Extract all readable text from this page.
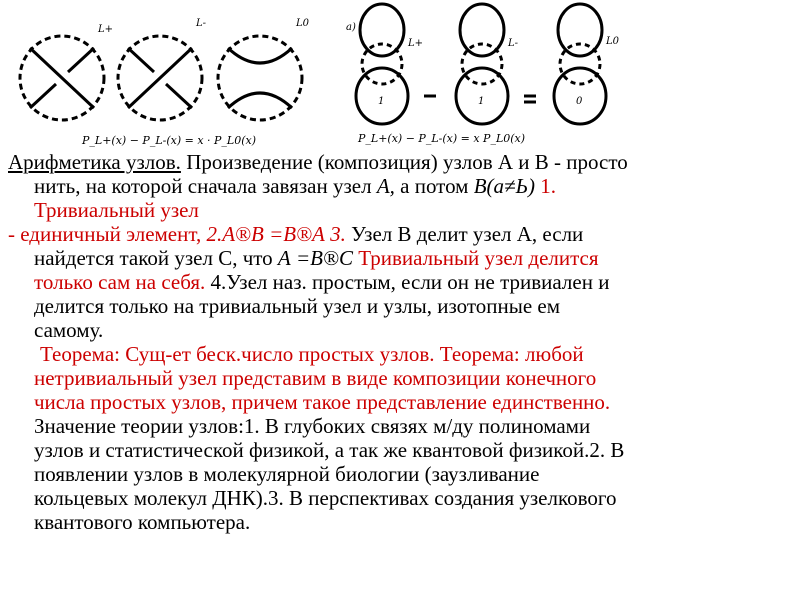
L+
L-	L0
P_L+(x) − P_L-(x) = x · P_L0(x)
a)
L+	L-	L0
1	1	0
P_L+(x) − P_L-(x) = x P_L0(x)
Арифметика узлов. Произведение (композиция) узлов А и В - просто
нить, на которой сначала завязан узел А, а потом В(а≠Ь) 1.
Тривиальный узел
- единичный элемент, 2.А®В =В®А 3. Узел В делит узел А, если
найдется такой узел С, что А =В®С Тривиальный узел делится
только сам на себя. 4.Узел наз. простым, если он не тривиален и
делится только на тривиальный узел и узлы, изотопные ем
самому.
Теорема: Сущ-ет беск.число простых узлов. Теорема: любой
нетривиальный узел представим в виде композиции конечного
числа простых узлов, причем такое представление единственно.
Значение теории узлов:1. В глубоких связях м/ду полиномами
узлов и статистической физикой, а так же квантовой физикой.2. В
появлении узлов в молекулярной биологии (заузливание
кольцевых молекул ДНК).3. В перспективах создания узелкового
квантового компьютера.
